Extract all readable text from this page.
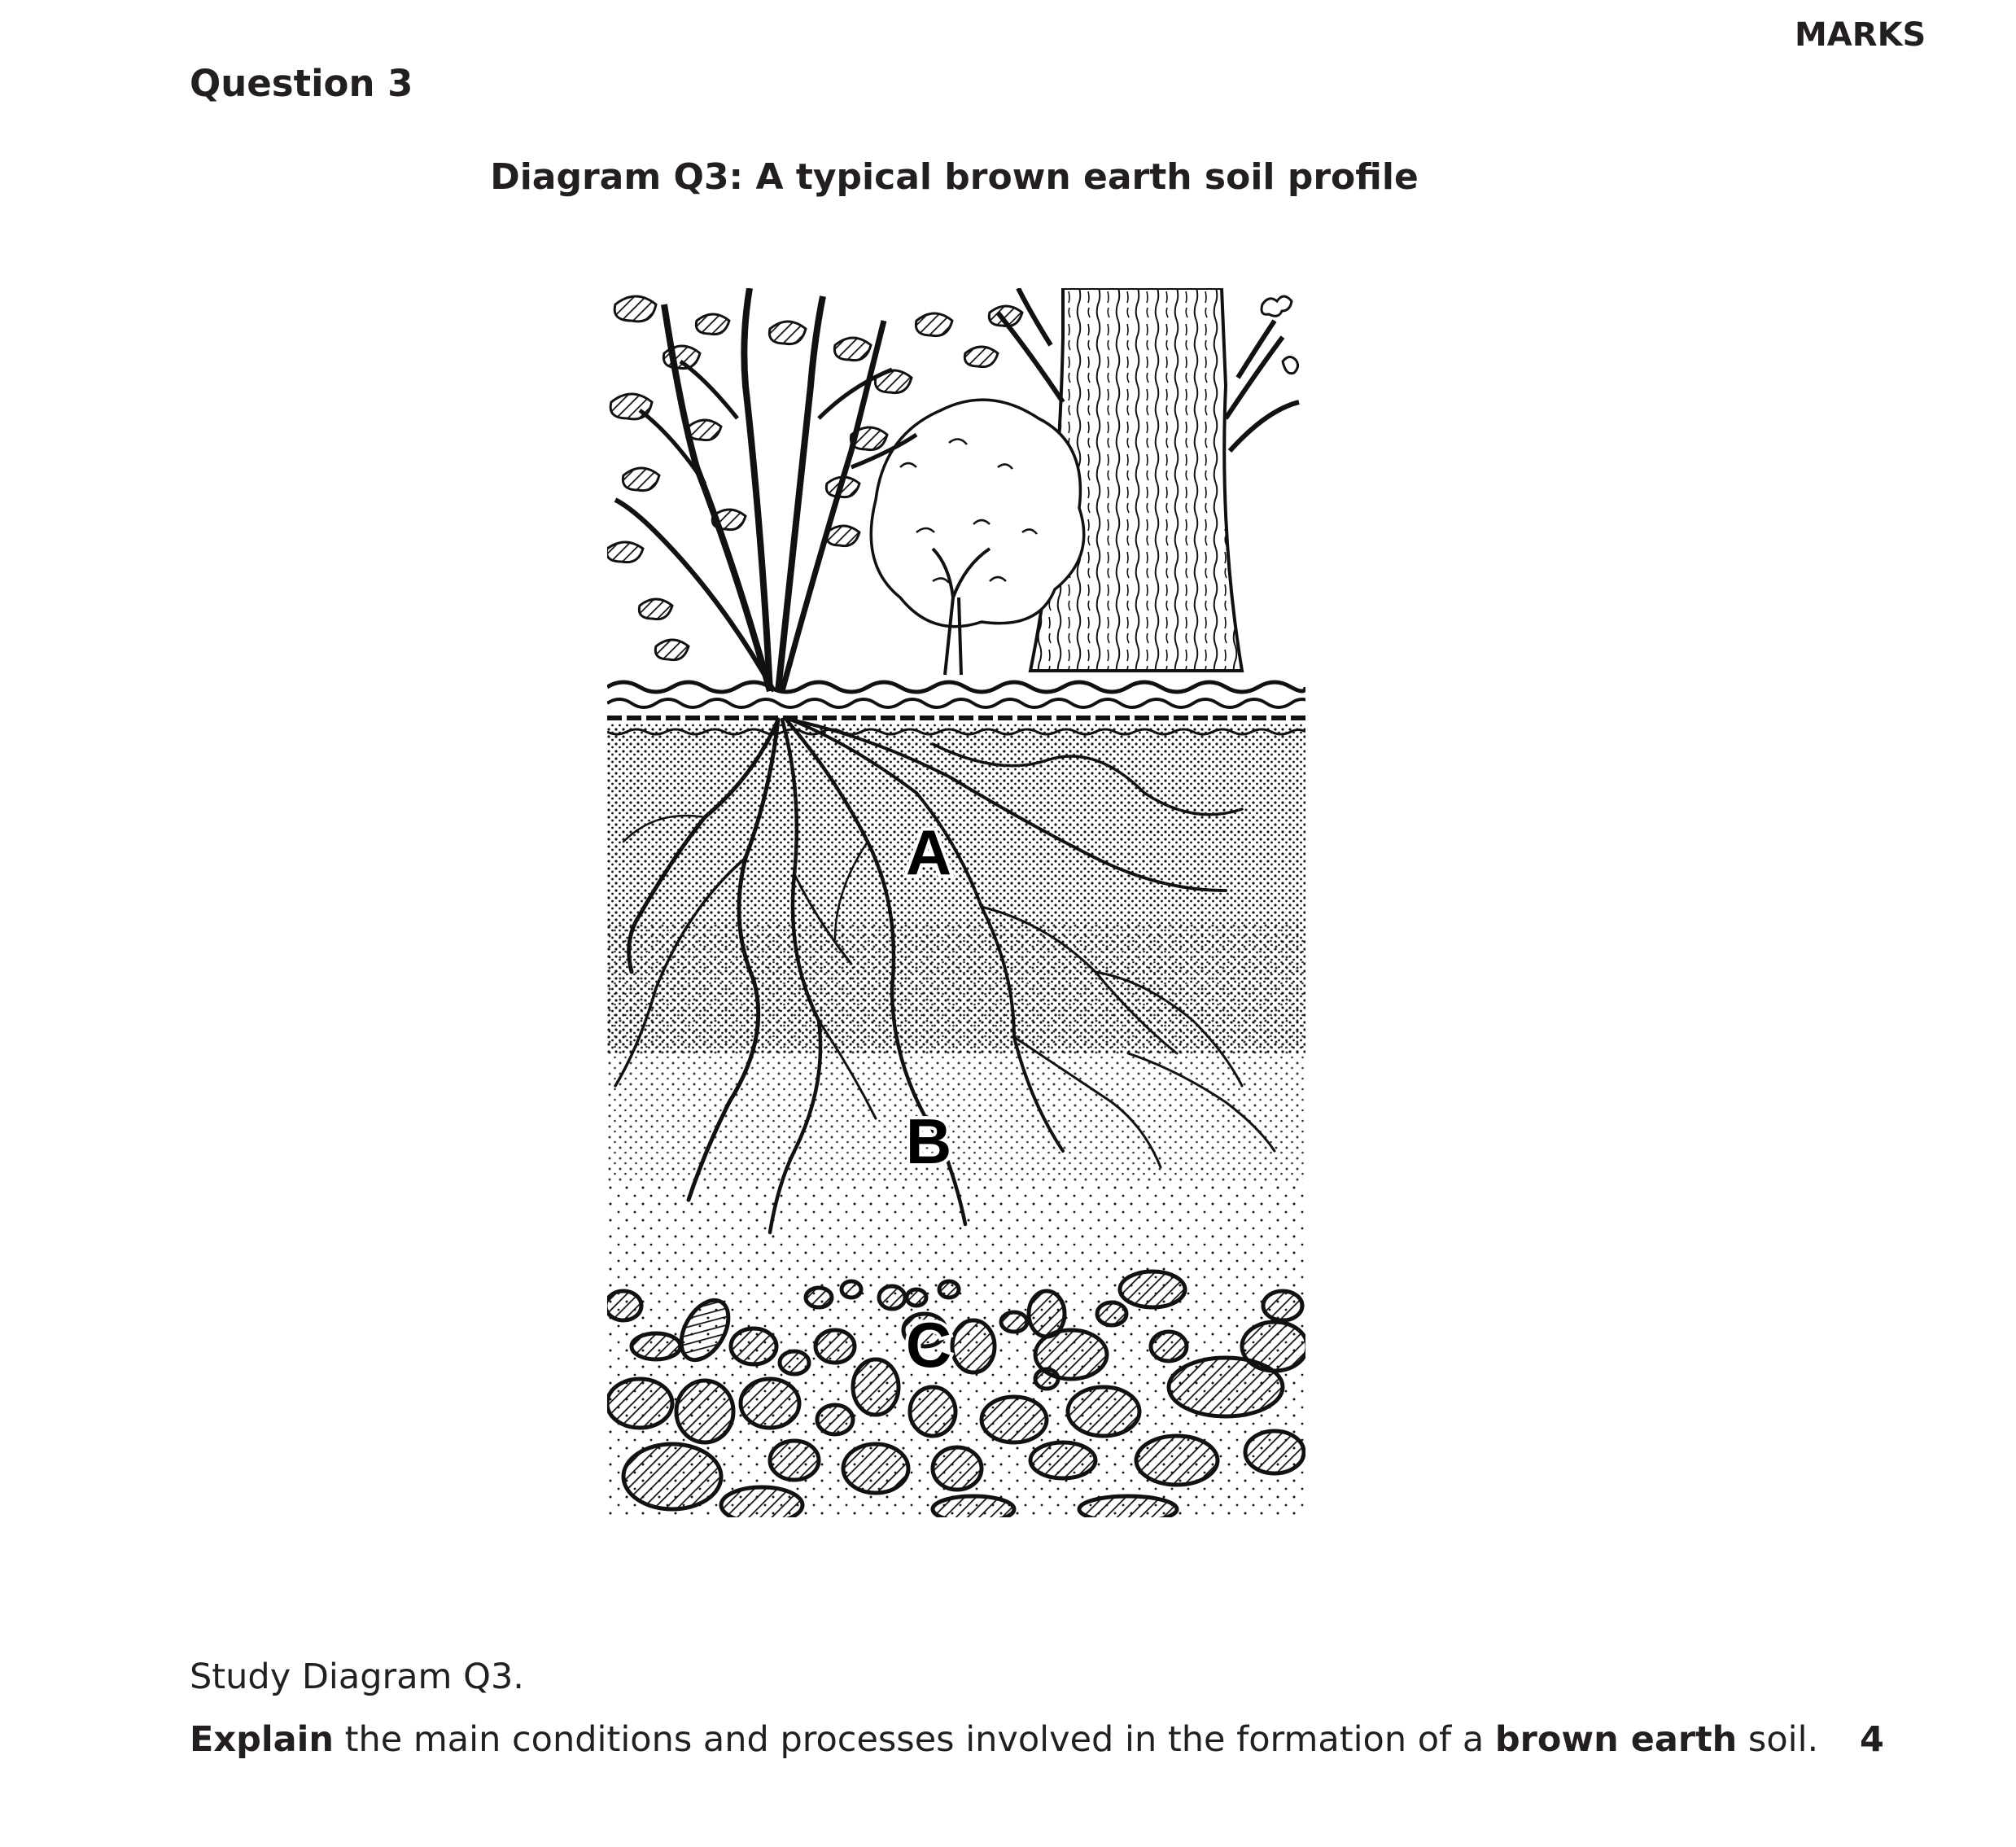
MARKS
Question 3
Diagram Q3: A typical brown earth soil profile
A
B
C
Study Diagram Q3.
Explain the main conditions and processes involved in the formation of a brown earth soil. 4
